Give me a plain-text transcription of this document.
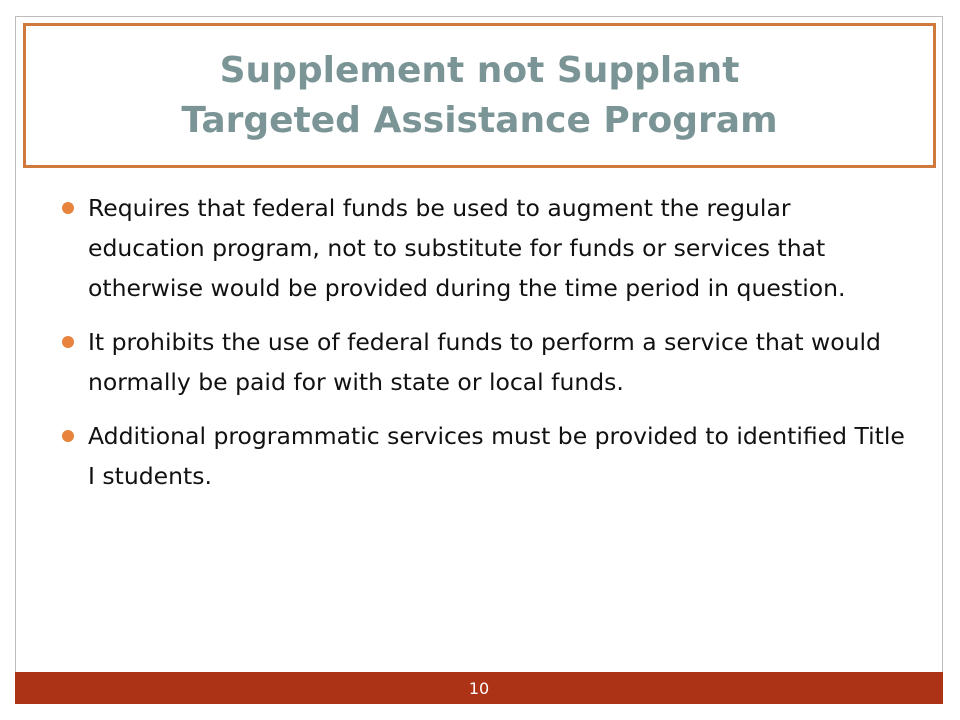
Supplement not Supplant
Targeted Assistance Program
Requires that federal funds be used to augment the regular education program, not to substitute for funds or services that otherwise would be provided during the time period in question.
It prohibits the use of federal funds to perform a service that would normally be paid for with state or local funds.
Additional programmatic services must be provided to identified Title I students.
10
